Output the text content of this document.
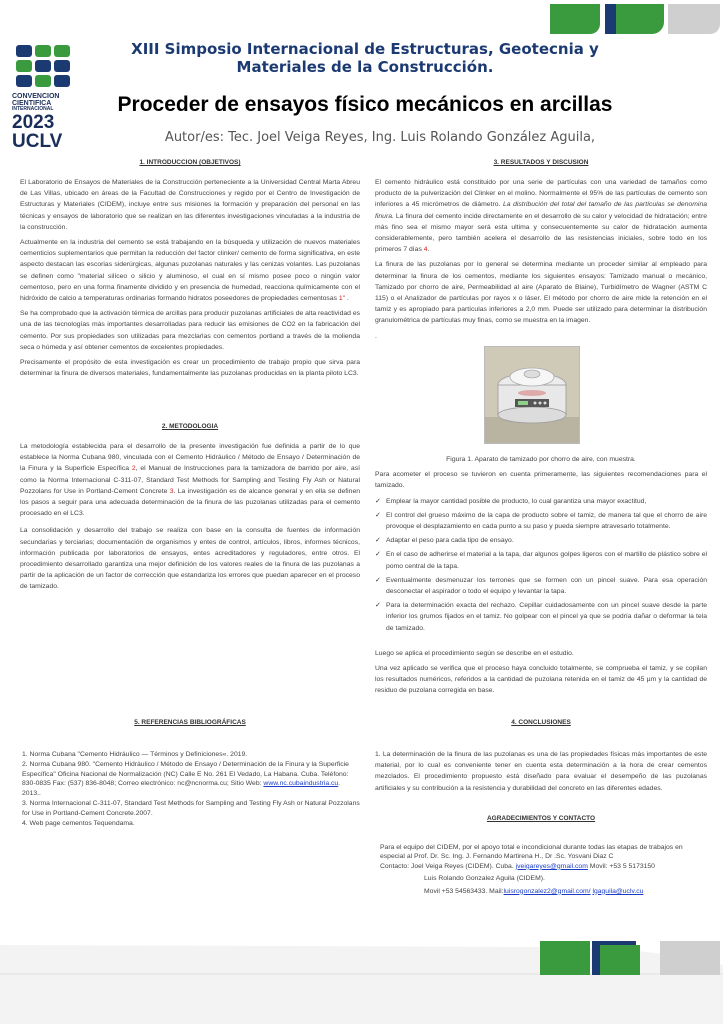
CONVENCION
CIENTIFICA
INTERNACIONAL
2023
UCLV
XIII Simposio Internacional de Estructuras, Geotecnia y Materiales de la Construcción.
Proceder de ensayos físico mecánicos en arcillas
Autor/es: Tec. Joel Veiga Reyes, Ing. Luis Rolando González Aguila,
1. INTRODUCCION (OBJETIVOS)

El Laboratorio de Ensayos de Materiales de la Construcción perteneciente a la Universidad Central Marta Abreu de Las Villas, ubicado en áreas de la Facultad de Construcciones y regido por el Centro de Investigación de Estructuras y Materiales (CIDEM), incluye entre sus misiones la formación y preparación del personal en las técnicas y ensayos de laboratorio que se realizan en las diferentes investigaciones vinculadas a la industria de la construcción.

Actualmente en la industria del cemento se está trabajando en la búsqueda y utilización de nuevos materiales cementicios suplementarios que permitan la reducción del factor clinker/ cemento de forma significativa, en este aspecto destacan las escorias siderúrgicas, algunas puzolanas naturales y las cenizas volantes. Las puzolanas se definen como "material silíceo o silicio y aluminoso, el cual en sí mismo posee poco o ningún valor cementoso, pero en una forma finamente dividido y en presencia de humedad, reacciona químicamente con el hidróxido de calcio a temperaturas ordinarias formando hidratos poseedores de propiedades cementosas 1" .

Se ha comprobado que la activación térmica de arcillas para producir puzolanas artificiales de alta reactividad es una de las tecnologías más importantes desarrolladas para reducir las emisiones de CO2 en la fabricación del cemento. Por sus propiedades son utilizadas para mezclarlas con cementos portland a través de la molienda seca o húmeda y así obtener cementos de excelentes propiedades.

Precisamente el propósito de esta investigación es crear un procedimiento de trabajo propio que sirva para determinar la finura de diversos materiales, fundamentalmente las puzolanas producidas en la planta piloto LC3.

2. METODOLOGIA

La metodología establecida para el desarrollo de la presente investigación fue definida a partir de lo que establece la Norma Cubana 980, vinculada con el Cemento Hidráulico / Método de Ensayo / Determinación de la Finura y la Superficie Específica 2, el Manual de Instrucciones para la tamizadora de barrido por aire, así como la Norma Internacional C-311-07, Standard Test Methods for Sampling and Testing Fly Ash or Natural Pozzolans for Use in Portland-Cement Concrete 3. La investigación es de alcance general y en ella se definen los pasos a seguir para una adecuada determinación de la finura de las puzolanas utilizadas para el cemento procesado en el LC3.

La consolidación y desarrollo del trabajo se realiza con base en la consulta de fuentes de información secundarias y terciarias; documentación de organismos y entes de control, artículos, libros, informes técnicos, información publicada por laboratorios de ensayos, entes acreditadores y reguladores, entre otros. El procedimiento desarrollado garantiza una mejor definición de los valores reales de la finura de las puzolanas a partir de la aplicación de un factor de corrección que estandariza los errores que puedan aparecer en el proceso de tamizado.

5. REFERENCIAS BIBLIOGRÁFICAS
1. Norma Cubana "Cemento Hidráulico — Términos y Definiciones«. 2019.
2. Norma Cubana 980. "Cemento Hidráulico / Método de Ensayo / Determinación de la Finura y la Superficie Específica" Oficina Nacional de Normalización (NC) Calle E No. 261 El Vedado, La Habana. Cuba. Teléfono: 830-0835 Fax: (537) 836-8048; Correo electrónico: nc@ncnorma.cu; Sitio Web: www.nc.cubaindustria.cu. 2013..
3. Norma Internacional C-311-07, Standard Test Methods for Sampling and Testing Fly Ash or Natural Pozzolans for Use in Portland-Cement Concrete.2007.
4. Web page cementos Tequendama.
3. RESULTADOS Y DISCUSION

El cemento hidráulico está constituido por una serie de partículas con una variedad de tamaños como producto de la pulverización del Clinker en el molino. Normalmente el 95% de las partículas de cemento son inferiores a 45 micrómetros de diámetro. La distribución del total del tamaño de las partículas se denomina finura. La finura del cemento incide directamente en el desarrollo de su calor y velocidad de hidratación; entre más fino sea el mismo mayor será esta ultima y consecuentemente su calor de hidratación aumenta considerablemente, pero también acelera el desarrollo de las resistencias iniciales, sobre todo en los primeros 7 días 4.

La finura de las puzolanas por lo general se determina mediante un proceder similar al empleado para determinar la finura de los cementos, mediante los siguientes ensayos: Tamizado manual o mecánico, Tamizado por chorro de aire, Permeabilidad al aire (Aparato de Blaine), Turbidímetro de Wagner (ASTM C 115) o el Analizador de partículas por rayos x o láser. El método por chorro de aire mide la retención en el tamiz y es apropiado para partículas inferiores a 2,0 mm. Puede ser utilizado para determinar la distribución granulométrica de partículas muy finas, como se muestra en la imagen.

.

Figura 1. Aparato de tamizado por chorro de aire, con muestra.

Para acometer el proceso se tuvieron en cuenta primeramente, las siguientes recomendaciones para el tamizado.

✓ Emplear la mayor cantidad posible de producto, lo cual garantiza una mayor exactitud,
✓ El control del grueso máximo de la capa de producto sobre el tamiz, de manera tal que el chorro de aire provoque el desplazamiento en cada punto a su paso y pueda siempre atravesarlo totalmente.
✓ Adaptar el peso para cada tipo de ensayo.
✓ En el caso de adherirse el material a la tapa, dar algunos golpes ligeros con el martillo de plástico sobre el pomo central de la tapa.
✓ Eventualmente desmenuzar los terrones que se formen con un pincel suave. Para esa operación desconectar el aspirador o todo el equipo y levantar la tapa.
✓ Para la determinación exacta del rechazo. Cepillar cuidadosamente con un pincel suave desde la parte inferior los grumos fijados en el tamiz. No golpear con el pincel ya que se podría dañar o deformar la tela de tamizado.

Luego se aplica el procedimiento según se describe en el estudio.

Una vez aplicado se verifica que el proceso haya concluido totalmente, se comprueba el tamiz, y se copilan los resultados numéricos, referidos a la cantidad de puzolana retenida en el tamiz de 45 µm y la cantidad de residuo de puzolana corregida en base.

4. CONCLUSIONES

1. La determinación de la finura de las puzolanas es una de las propiedades físicas más importantes de este material, por lo cual es conveniente tener en cuenta esta determinación a la hora de crear cementos mezclados. El procedimiento propuesto está diseñado para evaluar el desempeño de las puzolanas artificiales y su contribución a la resistencia y durabilidad del concreto en las diferentes edades.

AGRADECIMIENTOS Y CONTACTO
Para el equipo del CIDEM, por el apoyo total e incondicional durante todas las etapas de trabajos en especial al Prof. Dr. Sc. Ing. J. Fernando Martirena H., Dr .Sc. Yosvani Diaz C
Contacto: Joel Veiga Reyes (CIDEM). Cuba. jveigareyes@gmail.com Movil: +53 5 5173150
Luis Rolando Gonzalez Aguila (CIDEM).
Movil +53 54563433. Mail:luisrogonzalez2@gmail.com/ lgaguila@uclv.cu
